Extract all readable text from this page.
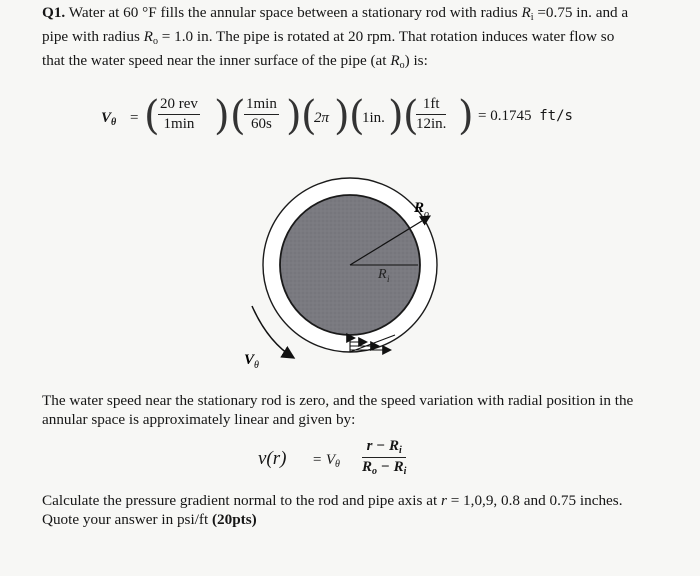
Q1. Water at 60 °F fills the annular space between a stationary rod with radius $R_i =0.75$ in. and a
pipe with radius $R_o = 1.0$ in. The pipe is rotated at 20 rpm. That rotation induces water flow so
that the water speed near the inner surface of the pipe (at $R_o$) is:
$V_\theta$ = ( 20 rev
1min ) ( 1min
60s ) (
2π ) (
1in. ) (
$\frac{1ft}{12in.}$ ) = 0.1745 ft/s
R o
R i
V θ
The water speed near the stationary rod is zero, and the speed variation with radial position in the
annular space is approximately linear and given by:
$v(r) = V_\theta \frac{r - R_i}{R_o - R_i}$
Calculate the pressure gradient normal to the rod and pipe axis at r = 1,0,9, 0.8 and 0.75 inches.
Quote your answer in psi/ft (20pts)
